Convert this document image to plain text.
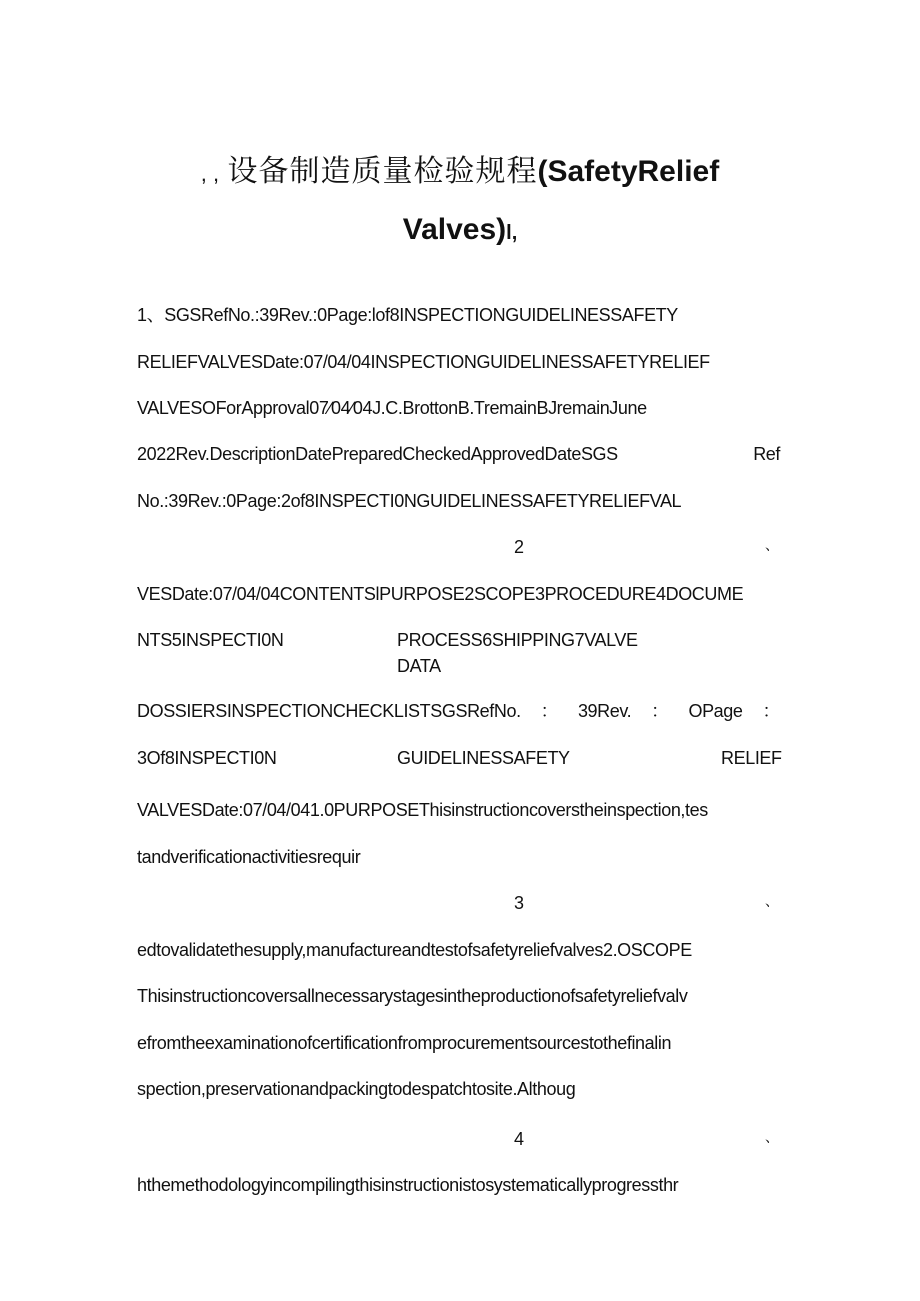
, , 设备制造质量检验规程(SafetyRelief
Valves)l,
1、SGSRefNo.:39Rev.:0Page:lof8INSPECTIONGUIDELINESSAFETY
RELIEFVALVESDate:07/04/04INSPECTIONGUIDELINESSAFETYRELIEF
VALVESOForApproval07∕04∕04J.C.BrottonB.TremainBJremainJune
2022Rev.DescriptionDatePreparedCheckedApprovedDateSGS	Ref
No.:39Rev.:0Page:2of8INSPECTI0NGUIDELINESSAFETYRELIEFVAL
2	、
VESDate:07/04/04CONTENTSlPURPOSE2SCOPE3PROCEDURE4DOCUME
NTS5INSPECTI0N	PROCESS6SHIPPING7VALVE
DATA
DOSSIERSINSPECTIONCHECKLISTSGSRefNo. ： 39Rev. ： OPage ：
3Of8INSPECTI0N	GUIDELINESSAFETY	RELIEF
VALVESDate:07/04/041.0PURPOSEThisinstructioncoverstheinspection,tes
tandverificationactivitiesrequir
3	、
edtovalidatethesupply,manufactureandtestofsafetyreliefvalves2.OSCOPE
Thisinstructioncoversallnecessarystagesintheproductionofsafetyreliefvalv
efromtheexaminationofcertificationfromprocurementsourcestothefinalin
spection,preservationandpackingtodespatchtosite.Althoug
4	、
hthemethodologyincompilingthisinstructionistosystematicallyprogressthr
